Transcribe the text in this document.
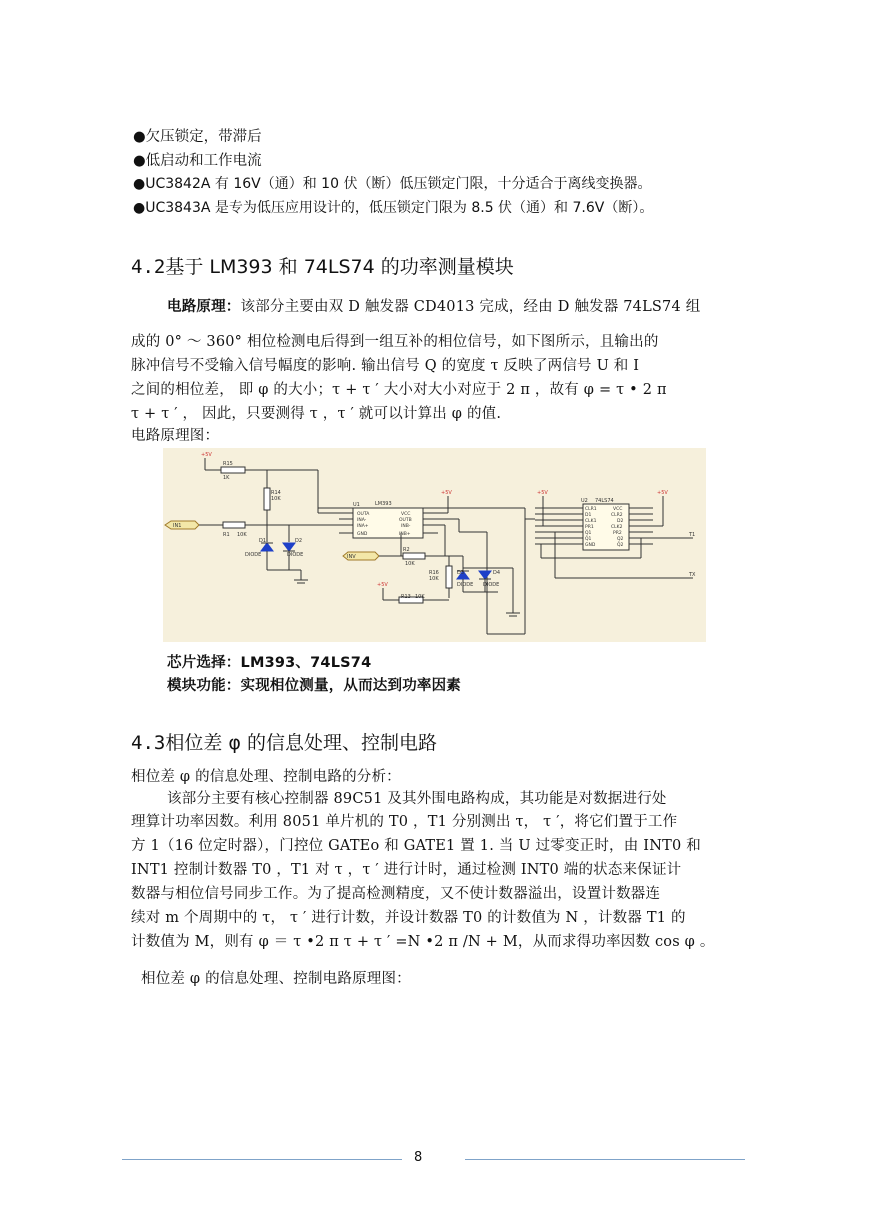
●欠压锁定，带滞后
●低启动和工作电流
●UC3842A 有 16V（通）和 10 伏（断）低压锁定门限，十分适合于离线变换器。
●UC3843A 是专为低压应用设计的，低压锁定门限为 8.5 伏（通）和 7.6V（断）。
4.2基于 LM393 和 74LS74 的功率测量模块
电路原理：该部分主要由双 D 触发器 CD4013 完成，经由 D 触发器 74LS74 组
成的 0° ～ 360° 相位检测电后得到一组互补的相位信号，如下图所示，且输出的
脉冲信号不受输入信号幅度的影响. 输出信号 Q 的宽度 τ 反映了两信号 U 和 I
之间的相位差， 即 φ 的大小；τ + τ ′ 大小对大小对应于 2 π ，故有 φ = τ • 2 π
τ + τ ′ ， 因此，只要测得 τ ，τ ′ 就可以计算出 φ 的值.
电路原理图：
+5V
+5V	+5V	+5V
+5V
IN1
INV
R15
1K
R14
10K
R1 10K
D1	D2
DIODE	DIODE
U1	LM393
OUTA
INA-
INA+
GND
VCC
OUTB
INB-
INB+
R2
10K
R16
10K
R13 10K
D3	D4
DIODE DIODE
U2 74LS74
CLR1
D1
CLK1
PR1
Q1
Q̄1
GND
VCC
CLR2
D2
CLK2
PR2
Q2
Q̄2
T1
TX
芯片选择：LM393、74LS74
模块功能：实现相位测量，从而达到功率因素
4.3相位差 φ 的信息处理、控制电路
相位差 φ 的信息处理、控制电路的分析：
该部分主要有核心控制器 89C51 及其外围电路构成，其功能是对数据进行处
理算计功率因数。利用 8051 单片机的 T0 ，T1 分别测出 τ， τ ′，将它们置于工作
方 1（16 位定时器），门控位 GATEo 和 GATE1 置 1. 当 U 过零变正时，由 INT0 和
INT1 控制计数器 T0 ，T1 对 τ ，τ ′ 进行计时，通过检测 INT0 端的状态来保证计
数器与相位信号同步工作。为了提高检测精度，又不使计数器溢出，设置计数器连
续对 m 个周期中的 τ， τ ′ 进行计数，并设计数器 T0 的计数值为 N ，计数器 T1 的
计数值为 M，则有 φ ＝ τ •2 π τ + τ ′ =N •2 π /N + M，从而求得功率因数 cos φ 。
相位差 φ 的信息处理、控制电路原理图：
8
